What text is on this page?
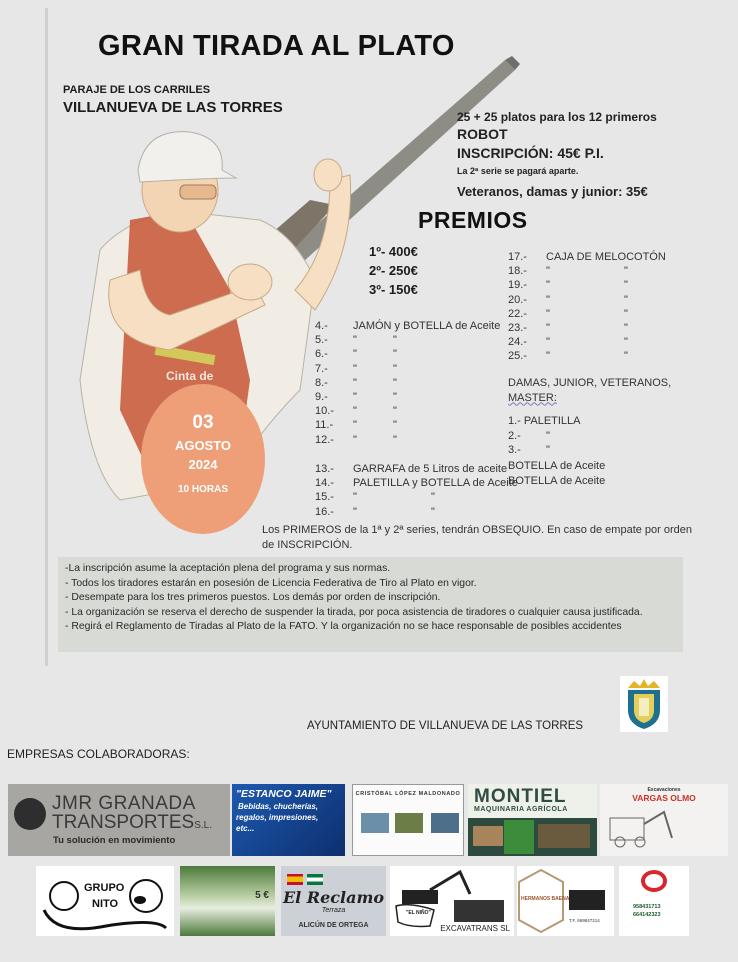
Cinta de
GRAN TIRADA AL PLATO
PARAJE DE LOS CARRILES
VILLANUEVA DE LAS TORRES
25 + 25 platos para los 12 primeros
ROBOT
INSCRIPCIÓN: 45€ P.I.
La 2ª serie se pagará aparte.
Veteranos, damas y junior: 35€
PREMIOS
1º- 400€
2º- 250€
3º- 150€
4.-	JAMÓN y BOTELLA de Aceite
5.-	"	"
6.-	"	"
7.-	"	"
8.-	"	"
9.-	"	"
10.-	"	"
11.-	"	"
12.-	"	"
17.-	CAJA DE MELOCOTÓN
18.-	"	"
19.-	"	"
20.-	"	"
22.-	"	"
23.-	"	"
24.-	"	"
25.-	"	"
13.-	GARRAFA de 5 Litros de aceite
14.-	PALETILLA y BOTELLA de Aceite
15.-	"	"
16.-	"	"
DAMAS, JUNIOR, VETERANOS,
MASTER:
1.- PALETILLA
2.-	"
3.-	"
BOTELLA de Aceite
BOTELLA de Aceite
03
AGOSTO
2024
10 HORAS
Los PRIMEROS de la 1ª y 2ª series, tendrán OBSEQUIO. En caso de empate por orden de INSCRIPCIÓN.
-La inscripción asume la aceptación plena del programa y sus normas.
- Todos los tiradores estarán en posesión de Licencia Federativa de Tiro al Plato en vigor.
- Desempate para los tres primeros puestos. Los demás por orden de inscripción.
- La organización se reserva el derecho de suspender la tirada, por poca asistencia de tiradores o cualquier causa justificada.
- Regirá el Reglamento de Tiradas al Plato de la FATO. Y la organización no se hace responsable de posibles accidentes
AYUNTAMIENTO DE VILLANUEVA DE LAS TORRES
EMPRESAS COLABORADORAS:
JMR GRANADA
TRANSPORTESS.L.
Tu solución en movimiento
"ESTANCO JAIME"
Bebidas, chucherías,
regalos, impresiones,
etc...
CRISTÓBAL LÓPEZ MALDONADO MONTIEL
MAQUINARIA AGRÍCOLA
Excavaciones
VARGAS OLMO
GRUPO
NITO
5 € El Reclamo
Terraza
ALICÚN DE ORTEGA
"EL NIÑO"
EXCAVATRANS SL
HERMANOS BAENA
T.F. 669847214
958431713
664142323
